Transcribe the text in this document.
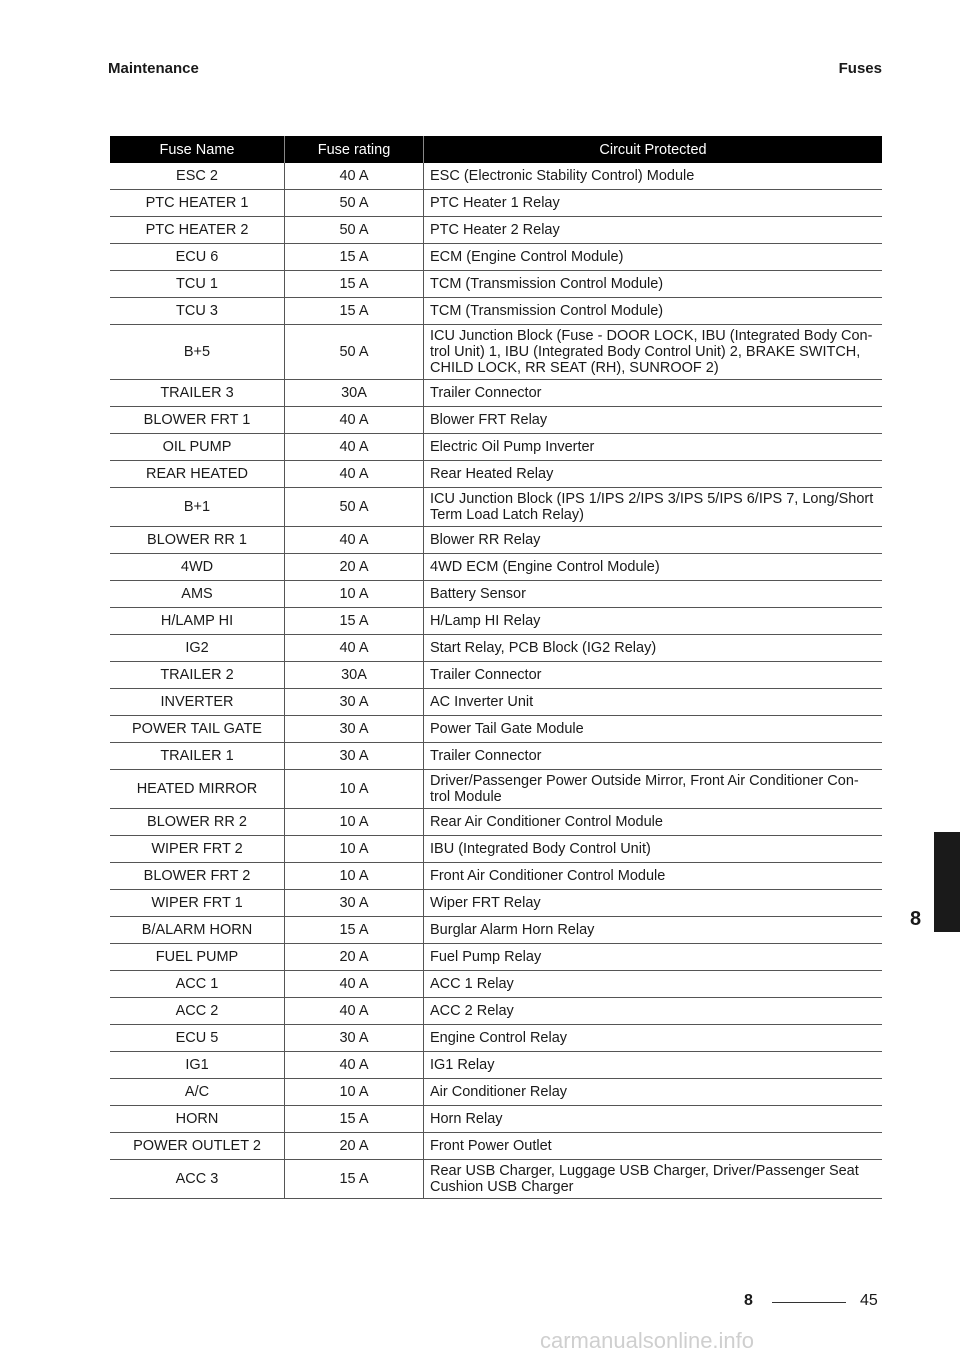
Maintenance	Fuses
Fuse Name	Fuse rating	Circuit Protected
ESC 2	40 A	ESC (Electronic Stability Control) Module
PTC HEATER 1	50 A	PTC Heater 1 Relay
PTC HEATER 2	50 A	PTC Heater 2 Relay
ECU 6	15 A	ECM (Engine Control Module)
TCU 1	15 A	TCM (Transmission Control Module)
TCU 3	15 A	TCM (Transmission Control Module)
B+5	50 A	ICU Junction Block (Fuse - DOOR LOCK, IBU (Integrated Body Con-trol Unit) 1, IBU (Integrated Body Control Unit) 2, BRAKE SWITCH, CHILD LOCK, RR SEAT (RH), SUNROOF 2)
TRAILER 3	30A	Trailer Connector
BLOWER FRT 1	40 A	Blower FRT Relay
OIL PUMP	40 A	Electric Oil Pump Inverter
REAR HEATED	40 A	Rear Heated Relay
B+1	50 A	ICU Junction Block (IPS 1/IPS 2/IPS 3/IPS 5/IPS 6/IPS 7, Long/Short Term Load Latch Relay)
BLOWER RR 1	40 A	Blower RR Relay
4WD	20 A	4WD ECM (Engine Control Module)
AMS	10 A	Battery Sensor
H/LAMP HI	15 A	H/Lamp HI Relay
IG2	40 A	Start Relay, PCB Block (IG2 Relay)
TRAILER 2	30A	Trailer Connector
INVERTER	30 A	AC Inverter Unit
POWER TAIL GATE	30 A	Power Tail Gate Module
TRAILER 1	30 A	Trailer Connector
HEATED MIRROR	10 A	Driver/Passenger Power Outside Mirror, Front Air Conditioner Con-trol Module
BLOWER RR 2	10 A	Rear Air Conditioner Control Module
WIPER FRT 2	10 A	IBU (Integrated Body Control Unit)
BLOWER FRT 2	10 A	Front Air Conditioner Control Module
WIPER FRT 1	30 A	Wiper FRT Relay
B/ALARM HORN	15 A	Burglar Alarm Horn Relay
FUEL PUMP	20 A	Fuel Pump Relay
ACC 1	40 A	ACC 1 Relay
ACC 2	40 A	ACC 2 Relay
ECU 5	30 A	Engine Control Relay
IG1	40 A	IG1 Relay
A/C	10 A	Air Conditioner Relay
HORN	15 A	Horn Relay
POWER OUTLET 2	20 A	Front Power Outlet
ACC 3	15 A	Rear USB Charger, Luggage USB Charger, Driver/Passenger Seat Cushion USB Charger
8
8	45
carmanualsonline.info
